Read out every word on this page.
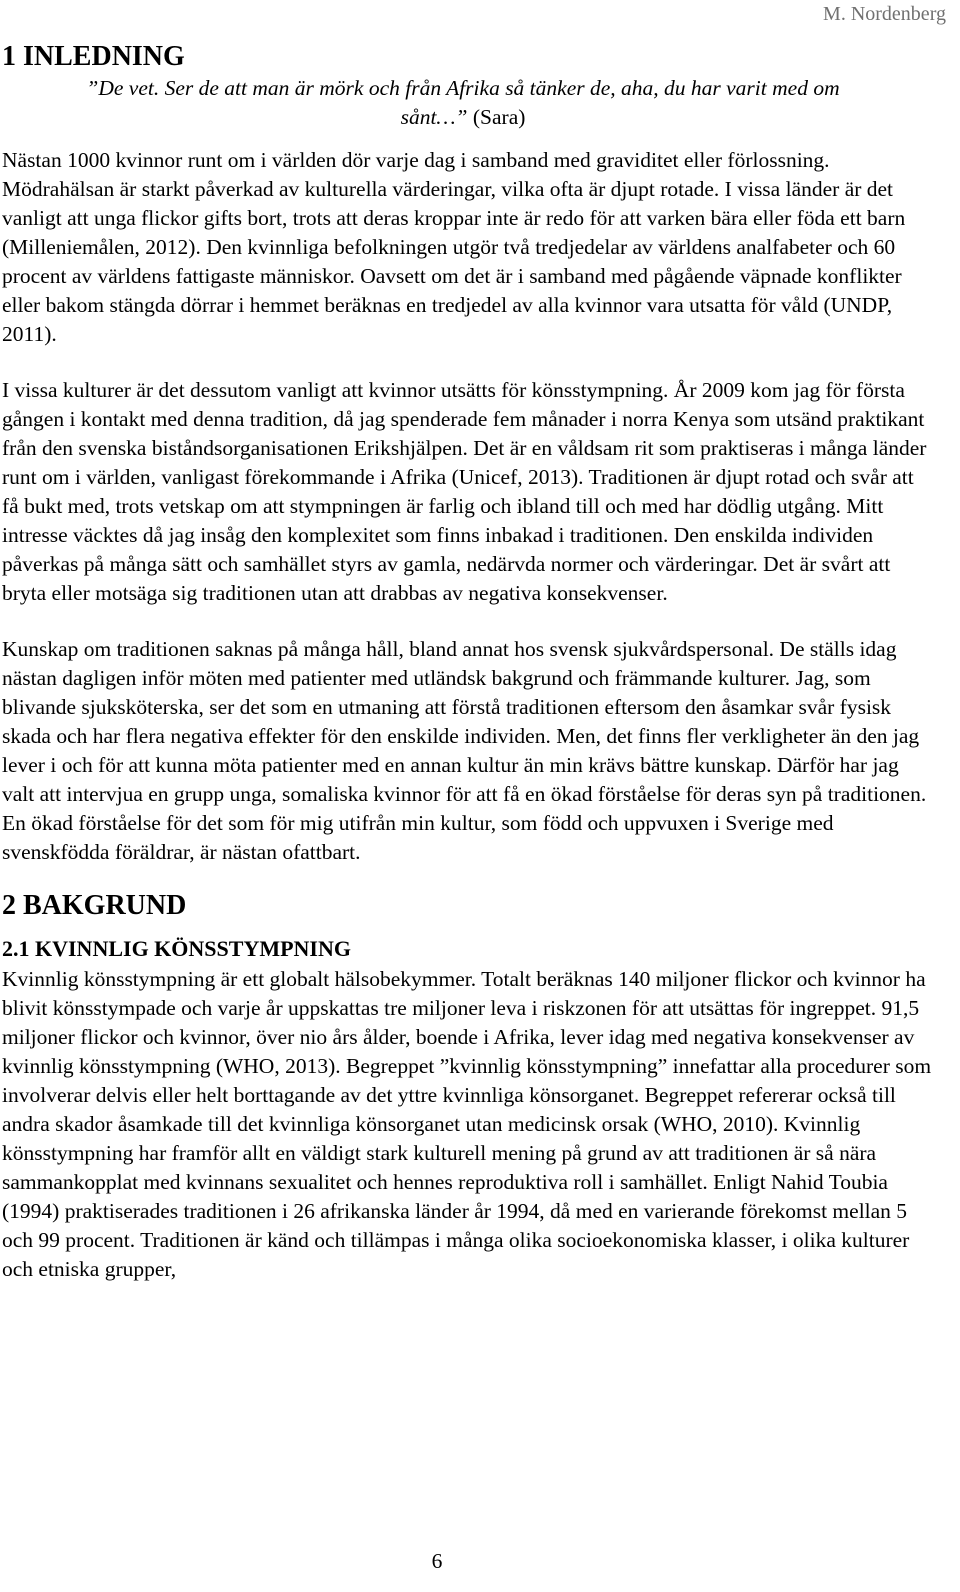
M. Nordenberg
1 INLEDNING
”De vet. Ser de att man är mörk och från Afrika så tänker de, aha, du har varit med om sånt…” (Sara)

Nästan 1000 kvinnor runt om i världen dör varje dag i samband med graviditet eller förlossning. Mödrahälsan är starkt påverkad av kulturella värderingar, vilka ofta är djupt rotade. I vissa länder är det vanligt att unga flickor gifts bort, trots att deras kroppar inte är redo för att varken bära eller föda ett barn (Milleniemålen, 2012). Den kvinnliga befolkningen utgör två tredjedelar av världens analfabeter och 60 procent av världens fattigaste människor. Oavsett om det är i samband med pågående väpnade konflikter eller bakom stängda dörrar i hemmet beräknas en tredjedel av alla kvinnor vara utsatta för våld (UNDP, 2011).

I vissa kulturer är det dessutom vanligt att kvinnor utsätts för könsstympning. År 2009 kom jag för första gången i kontakt med denna tradition, då jag spenderade fem månader i norra Kenya som utsänd praktikant från den svenska biståndsorganisationen Erikshjälpen. Det är en våldsam rit som praktiseras i många länder runt om i världen, vanligast förekommande i Afrika (Unicef, 2013). Traditionen är djupt rotad och svår att få bukt med, trots vetskap om att stympningen är farlig och ibland till och med har dödlig utgång. Mitt intresse väcktes då jag insåg den komplexitet som finns inbakad i traditionen. Den enskilda individen påverkas på många sätt och samhället styrs av gamla, nedärvda normer och värderingar. Det är svårt att bryta eller motsäga sig traditionen utan att drabbas av negativa konsekvenser.

Kunskap om traditionen saknas på många håll, bland annat hos svensk sjukvårdspersonal. De ställs idag nästan dagligen inför möten med patienter med utländsk bakgrund och främmande kulturer. Jag, som blivande sjuksköterska, ser det som en utmaning att förstå traditionen eftersom den åsamkar svår fysisk skada och har flera negativa effekter för den enskilde individen. Men, det finns fler verkligheter än den jag lever i och för att kunna möta patienter med en annan kultur än min krävs bättre kunskap. Därför har jag valt att intervjua en grupp unga, somaliska kvinnor för att få en ökad förståelse för deras syn på traditionen. En ökad förståelse för det som för mig utifrån min kultur, som född och uppvuxen i Sverige med svenskfödda föräldrar, är nästan ofattbart.

2 BAKGRUND
2.1 KVINNLIG KÖNSSTYMPNING

Kvinnlig könsstympning är ett globalt hälsobekymmer. Totalt beräknas 140 miljoner flickor och kvinnor ha blivit könsstympade och varje år uppskattas tre miljoner leva i riskzonen för att utsättas för ingreppet. 91,5 miljoner flickor och kvinnor, över nio års ålder, boende i Afrika, lever idag med negativa konsekvenser av kvinnlig könsstympning (WHO, 2013). Begreppet ”kvinnlig könsstympning” innefattar alla procedurer som involverar delvis eller helt borttagande av det yttre kvinnliga könsorganet. Begreppet refererar också till andra skador åsamkade till det kvinnliga könsorganet utan medicinsk orsak (WHO, 2010). Kvinnlig könsstympning har framför allt en väldigt stark kulturell mening på grund av att traditionen är så nära sammankopplat med kvinnans sexualitet och hennes reproduktiva roll i samhället. Enligt Nahid Toubia (1994) praktiserades traditionen i 26 afrikanska länder år 1994, då med en varierande förekomst mellan 5 och 99 procent. Traditionen är känd och tillämpas i många olika socioekonomiska klasser, i olika kulturer och etniska grupper,

6
